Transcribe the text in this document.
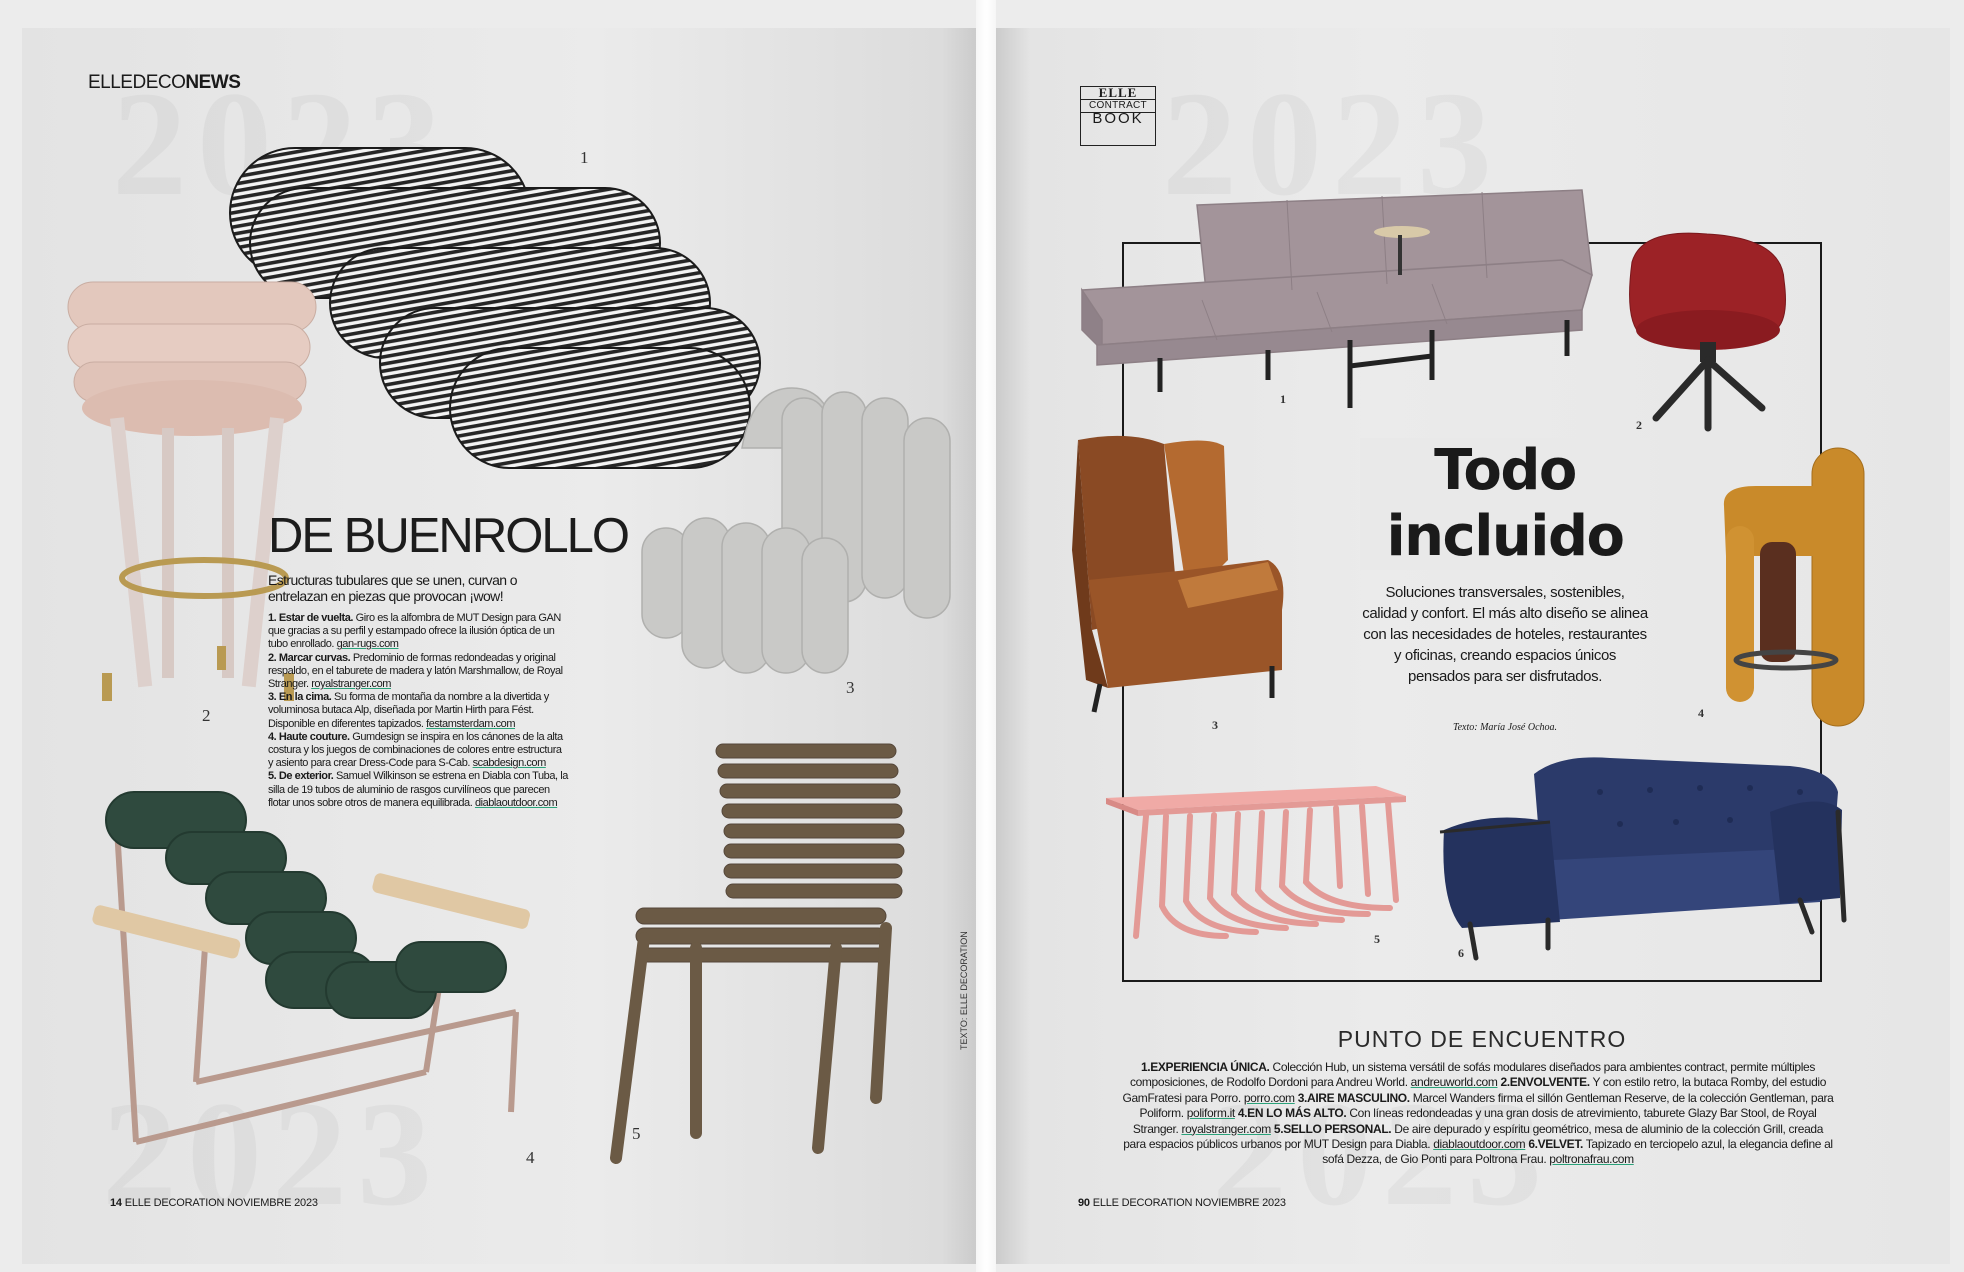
ELLEDECONEWS
DE BUENROLLO
Estructuras tubulares que se unen, curvan o entrelazan en piezas que provocan ¡wow!

1. Estar de vuelta. Giro es la alfombra de MUT Design para GAN que gracias a su perfil y estampado ofrece la ilusión óptica de un tubo enrollado. gan-rugs.com

2. Marcar curvas. Predominio de formas redondeadas y original respaldo, en el taburete de madera y latón Marshmallow, de Royal Stranger. royalstranger.com

3. En la cima. Su forma de montaña da nombre a la divertida y voluminosa butaca Alp, diseñada por Martin Hirth para Fést. Disponible en diferentes tapizados. festamsterdam.com

4. Haute couture. Gumdesign se inspira en los cánones de la alta costura y los juegos de combinaciones de colores entre estructura y asiento para crear Dress-Code para S-Cab. scabdesign.com

5. De exterior. Samuel Wilkinson se estrena en Diabla con Tuba, la silla de 19 tubos de aluminio de rasgos curvilíneos que parecen flotar unos sobre otros de manera equilibrada. diablaoutdoor.com

1
2
3
4
5
TEXTO: ELLE DECORATION
14 ELLE DECORATION NOVIEMBRE 2023
ELLE
CONTRACT
BOOK
Todo
incluido
Soluciones transversales, sostenibles, calidad y confort. El más alto diseño se alinea con las necesidades de hoteles, restaurantes y oficinas, creando espacios únicos pensados para ser disfrutados.
Texto: María José Ochoa.
1
2
3
4
5
6
PUNTO DE ENCUENTRO
1.EXPERIENCIA ÚNICA. Colección Hub, un sistema versátil de sofás modulares diseñados para ambientes contract, permite múltiples composiciones, de Rodolfo Dordoni para Andreu World. andreuworld.com 2.ENVOLVENTE. Y con estilo retro, la butaca Romby, del estudio GamFratesi para Porro. porro.com 3.AIRE MASCULINO. Marcel Wanders firma el sillón Gentleman Reserve, de la colección Gentleman, para Poliform. poliform.it 4.EN LO MÁS ALTO. Con líneas redondeadas y una gran dosis de atrevimiento, taburete Glazy Bar Stool, de Royal Stranger. royalstranger.com 5.SELLO PERSONAL. De aire depurado y espíritu geométrico, mesa de aluminio de la colección Grill, creada para espacios públicos urbanos por MUT Design para Diabla. diablaoutdoor.com 6.VELVET. Tapizado en terciopelo azul, la elegancia define al sofá Dezza, de Gio Ponti para Poltrona Frau. poltronafrau.com
90 ELLE DECORATION NOVIEMBRE 2023
